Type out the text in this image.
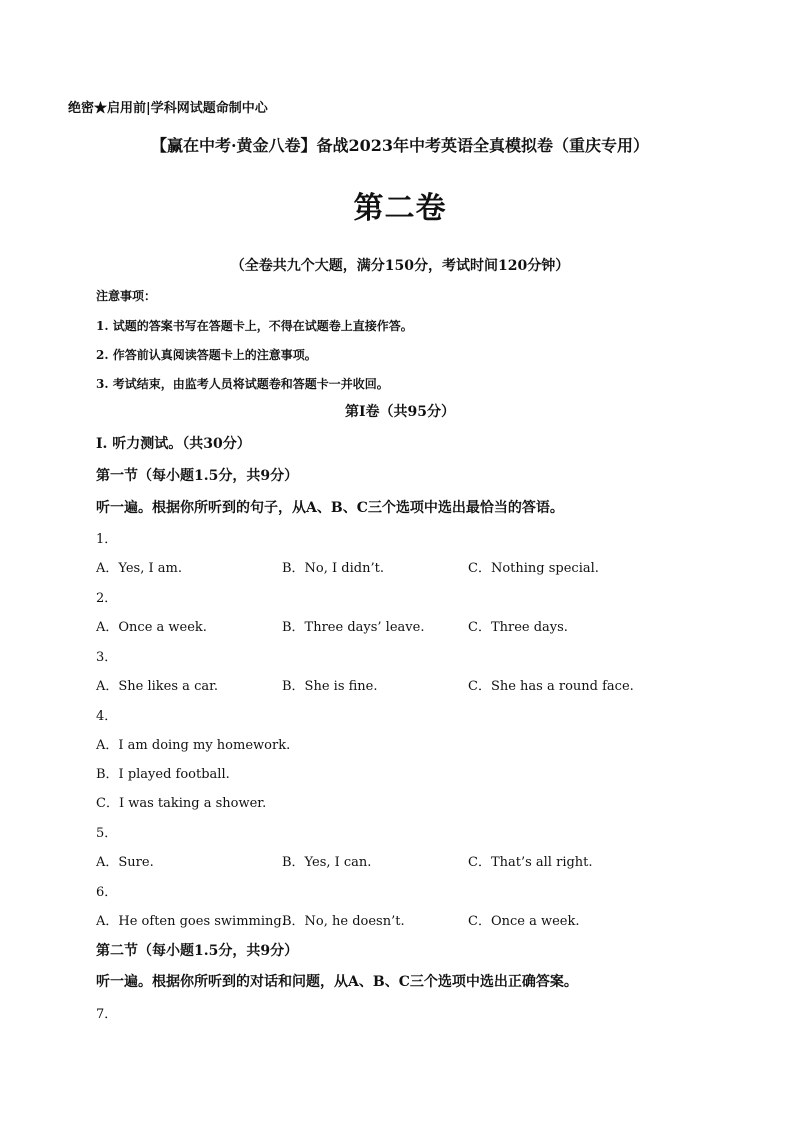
绝密★启用前|学科网试题命制中心
【赢在中考·黄金八卷】备战2023年中考英语全真模拟卷（重庆专用）
第二卷
（全卷共九个大题，满分150分，考试时间120分钟）
注意事项：
1. 试题的答案书写在答题卡上，不得在试题卷上直接作答。
2. 作答前认真阅读答题卡上的注意事项。
3. 考试结束，由监考人员将试题卷和答题卡一并收回。
第Ⅰ卷（共95分）
I. 听力测试。（共30分）
第一节（每小题1.5分，共9分）
听一遍。根据你所听到的句子，从A、B、C三个选项中选出最恰当的答语。
1．
A．Yes, I am.	B．No, I didn’t.	C．Nothing special.
2．
A．Once a week.	B．Three days’ leave.	C．Three days.
3．
A．She likes a car.	B．She is fine.	C．She has a round face.
4．
A．I am doing my homework.
B．I played football.
C．I was taking a shower.
5．
A．Sure.	B．Yes, I can.	C．That’s all right.
6．
A．He often goes swimming.
B．No, he doesn’t.	C．Once a week.
第二节（每小题1.5分，共9分）
听一遍。根据你所听到的对话和问题，从A、B、C三个选项中选出正确答案。
7．
